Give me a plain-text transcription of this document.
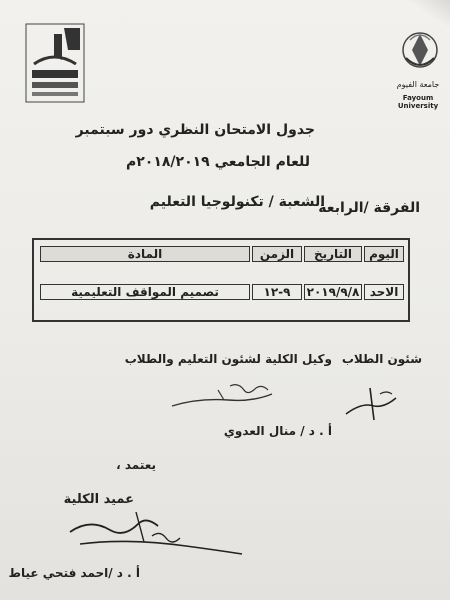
جامعة الفيوم
Fayoum University
جدول الامتحان النظري دور سبتمبر
للعام الجامعي ٢٠١٨/٢٠١٩م
الفرقة /الرابعة
الشعبة / تكنولوجيا التعليم
اليوم
التاريخ
الزمن
المادة
الاحد
٢٠١٩/٩/٨
٩-١٢
تصميم المواقف التعليمية
شئون الطلاب
وكيل الكلية لشئون التعليم والطلاب
أ . د / منال العدوي
يعتمد ،
عميد الكلية
أ . د /احمد فتحي عياط
